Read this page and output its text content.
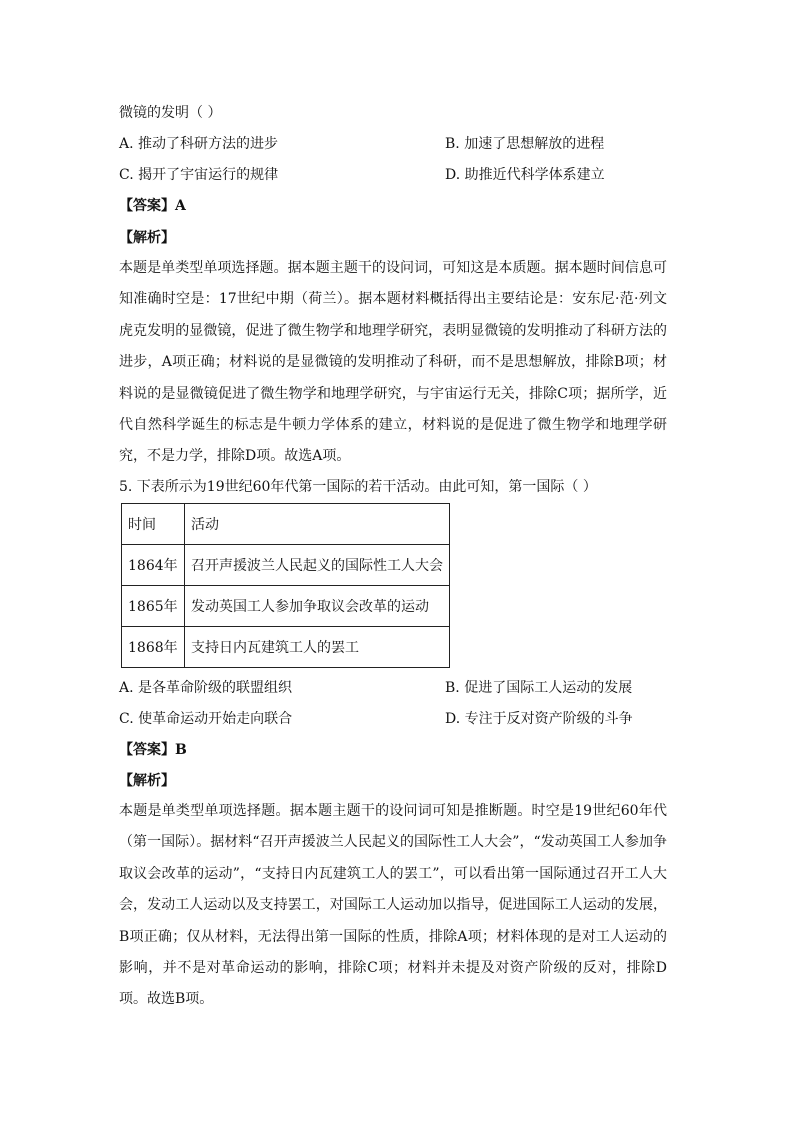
微镜的发明（ ）
A. 推动了科研方法的进步	B. 加速了思想解放的进程
C. 揭开了宇宙运行的规律	D. 助推近代科学体系建立
【答案】A
【解析】
本题是单类型单项选择题。据本题主题干的设问词，可知这是本质题。据本题时间信息可知准确时空是：17世纪中期（荷兰）。据本题材料概括得出主要结论是：安东尼·范·列文虎克发明的显微镜，促进了微生物学和地理学研究，表明显微镜的发明推动了科研方法的进步，A项正确；材料说的是显微镜的发明推动了科研，而不是思想解放，排除B项；材料说的是显微镜促进了微生物学和地理学研究，与宇宙运行无关，排除C项；据所学，近代自然科学诞生的标志是牛顿力学体系的建立，材料说的是促进了微生物学和地理学研究，不是力学，排除D项。故选A项。
5. 下表所示为19世纪60年代第一国际的若干活动。由此可知，第一国际（ ）
时间	活动
1864年	召开声援波兰人民起义的国际性工人大会
1865年	发动英国工人参加争取议会改革的运动
1868年	支持日内瓦建筑工人的罢工
A. 是各革命阶级的联盟组织	B. 促进了国际工人运动的发展
C. 使革命运动开始走向联合	D. 专注于反对资产阶级的斗争
【答案】B
【解析】
本题是单类型单项选择题。据本题主题干的设问词可知是推断题。时空是19世纪60年代（第一国际）。据材料“召开声援波兰人民起义的国际性工人大会”，“发动英国工人参加争取议会改革的运动”，“支持日内瓦建筑工人的罢工”，可以看出第一国际通过召开工人大会，发动工人运动以及支持罢工，对国际工人运动加以指导，促进国际工人运动的发展，B项正确；仅从材料，无法得出第一国际的性质，排除A项；材料体现的是对工人运动的影响，并不是对革命运动的影响，排除C项；材料并未提及对资产阶级的反对，排除D项。故选B项。
